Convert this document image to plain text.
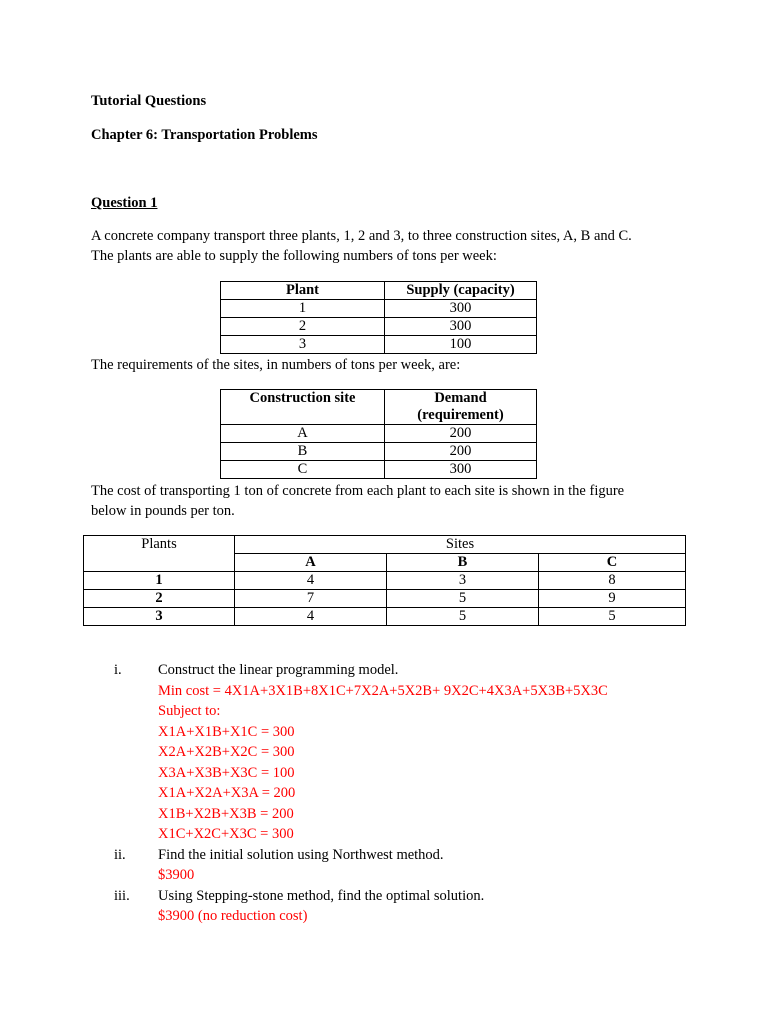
Tutorial Questions
Chapter 6: Transportation Problems
Question 1
A concrete company transport three plants, 1, 2 and 3, to three construction sites, A, B and C.
The plants are able to supply the following numbers of tons per week:
Plant	Supply (capacity)
1	300
2	300
3	100
The requirements of the sites, in numbers of tons per week, are:
Construction site	Demand
(requirement)

A	200
B	200
C	300
The cost of transporting 1 ton of concrete from each plant to each site is shown in the figure
below in pounds per ton.
Plants	Sites		
	A	B	C
1	4	3	8
2	7	5	9
3	4	5	5
i.	Construct the linear programming model.
Min cost = 4X1A+3X1B+8X1C+7X2A+5X2B+ 9X2C+4X3A+5X3B+5X3C
Subject to:
X1A+X1B+X1C = 300
X2A+X2B+X2C = 300
X3A+X3B+X3C = 100
X1A+X2A+X3A = 200
X1B+X2B+X3B = 200
X1C+X2C+X3C = 300
ii. Find the initial solution using Northwest method.
$3900
iii. Using Stepping-stone method, find the optimal solution.
$3900 (no reduction cost)
